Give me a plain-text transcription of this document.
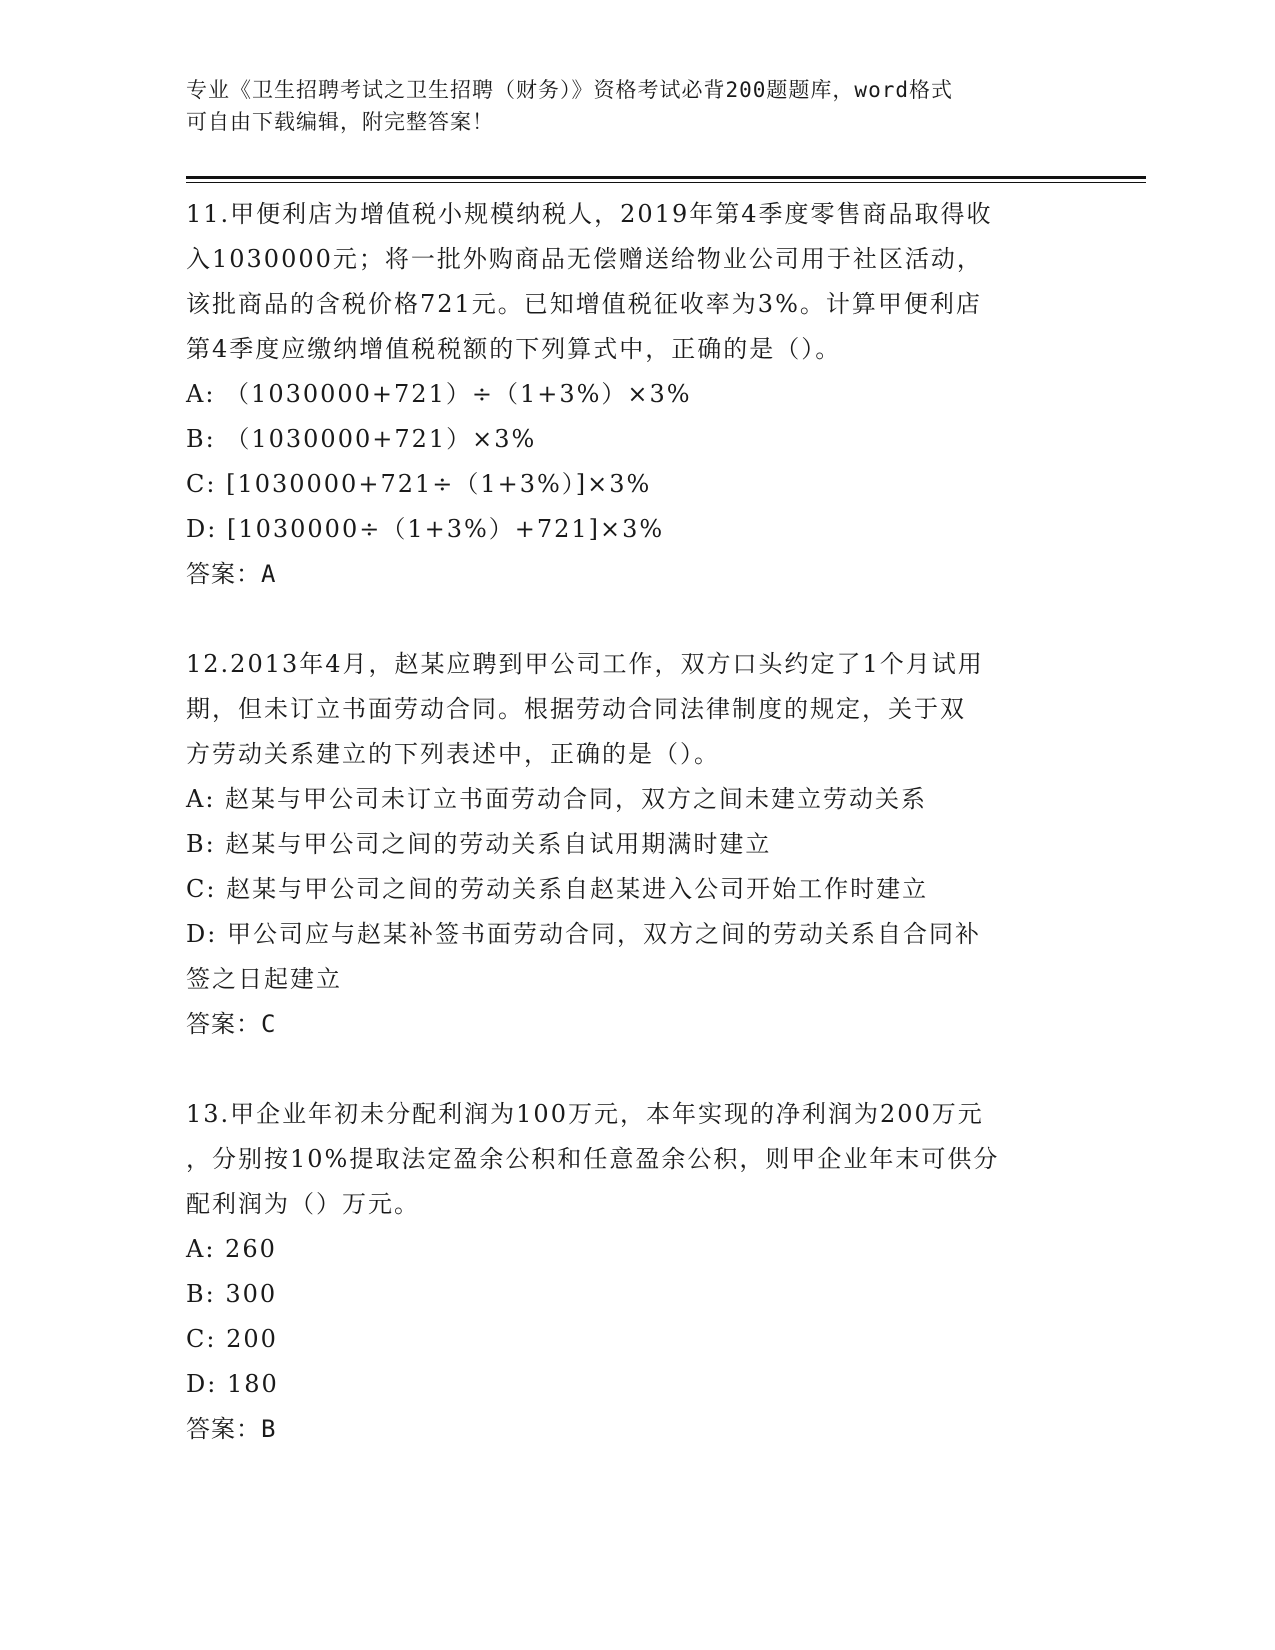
专业《卫生招聘考试之卫生招聘（财务）》资格考试必背200题题库，word格式
可自由下载编辑，附完整答案！
11.甲便利店为增值税小规模纳税人，2019年第4季度零售商品取得收
入1030000元；将一批外购商品无偿赠送给物业公司用于社区活动，
该批商品的含税价格721元。已知增值税征收率为3%。计算甲便利店
第4季度应缴纳增值税税额的下列算式中，正确的是（）。
A: （1030000+721）÷（1+3%）×3%
B: （1030000+721）×3%
C: [1030000+721÷（1+3%）]×3%
D: [1030000÷（1+3%）+721]×3%
答案：A
12.2013年4月，赵某应聘到甲公司工作，双方口头约定了1个月试用
期，但未订立书面劳动合同。根据劳动合同法律制度的规定，关于双
方劳动关系建立的下列表述中，正确的是（）。
A: 赵某与甲公司未订立书面劳动合同，双方之间未建立劳动关系
B: 赵某与甲公司之间的劳动关系自试用期满时建立
C: 赵某与甲公司之间的劳动关系自赵某进入公司开始工作时建立
D: 甲公司应与赵某补签书面劳动合同，双方之间的劳动关系自合同补
签之日起建立
答案：C
13.甲企业年初未分配利润为100万元，本年实现的净利润为200万元
，分别按10%提取法定盈余公积和任意盈余公积，则甲企业年末可供分
配利润为（）万元。
A: 260
B: 300
C: 200
D: 180
答案：B
